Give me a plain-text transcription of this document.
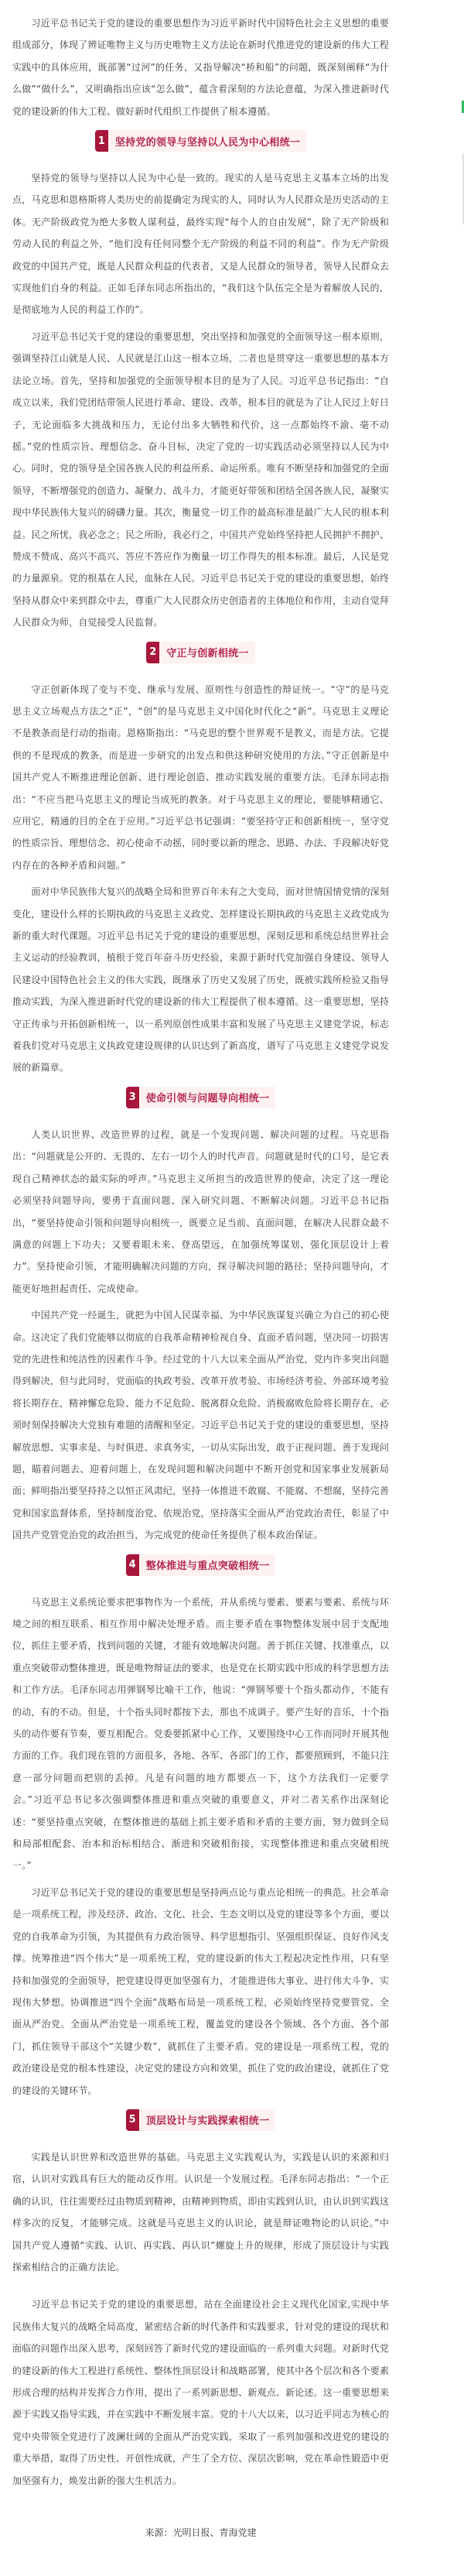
习近平总书记关于党的建设的重要思想作为习近平新时代中国特色社会主义思想的重要组成部分，体现了辨证唯物主义与历史唯物主义方法论在新时代推进党的建设新的伟大工程实践中的具体应用，既部署“过河”的任务，又指导解决“桥和船”的问题，既深刻阐释“为什么做”“做什么”，又明确指出应该“怎么做”，蕴含着深刻的方法论意蕴，为深入推进新时代党的建设新的伟大工程、做好新时代组织工作提供了根本遵循。

1 坚持党的领导与坚持以人民为中心相统一

坚持党的领导与坚持以人民为中心是一致的。现实的人是马克思主义基本立场的出发点，马克思和恩格斯将人类历史的前提确定为现实的人，同时认为人民群众是历史活动的主体。无产阶级政党为绝大多数人谋利益，最终实现“每个人的自由发展”，除了无产阶级和劳动人民的利益之外，“他们没有任何同整个无产阶级的利益不同的利益”。作为无产阶级政党的中国共产党，既是人民群众利益的代表者，又是人民群众的领导者，领导人民群众去实现他们自身的利益。正如毛泽东同志所指出的，“我们这个队伍完全是为着解放人民的，是彻底地为人民的利益工作的”。

习近平总书记关于党的建设的重要思想，突出坚持和加强党的全面领导这一根本原则，强调坚持江山就是人民、人民就是江山这一根本立场，二者也是贯穿这一重要思想的基本方法论立场。首先，坚持和加强党的全面领导根本目的是为了人民。习近平总书记指出：“自成立以来，我们党团结带领人民进行革命、建设、改革，根本目的就是为了让人民过上好日子，无论面临多大挑战和压力，无论付出多大牺牲和代价，这一点都始终不渝、毫不动摇。”党的性质宗旨、理想信念、奋斗目标，决定了党的一切实践活动必须坚持以人民为中心。同时，党的领导是全国各族人民的利益所系、命运所系。唯有不断坚持和加强党的全面领导，不断增强党的创造力、凝聚力、战斗力，才能更好带领和团结全国各族人民，凝聚实现中华民族伟大复兴的磅礴力量。其次，衡量党一切工作的最高标准是最广大人民的根本利益。民之所忧，我必念之；民之所盼，我必行之，中国共产党始终坚持把人民拥护不拥护、赞成不赞成、高兴不高兴、答应不答应作为衡量一切工作得失的根本标准。最后，人民是党的力量源泉。党的根基在人民，血脉在人民。习近平总书记关于党的建设的重要思想，始终坚持从群众中来到群众中去，尊重广大人民群众历史创造者的主体地位和作用，主动自觉拜人民群众为师，自觉接受人民监督。

2 守正与创新相统一

守正创新体现了变与不变、继承与发展、原则性与创造性的辩证统一。“守”的是马克思主义立场观点方法之“正”，“创”的是马克思主义中国化时代化之“新”。马克思主义理论不是教条而是行动的指南。恩格斯指出：“马克思的整个世界观不是教义，而是方法。它提供的不是现成的教条，而是进一步研究的出发点和供这种研究使用的方法。”守正创新是中国共产党人不断推进理论创新、进行理论创造、推动实践发展的重要方法。毛泽东同志指出：“不应当把马克思主义的理论当成死的教条。对于马克思主义的理论，要能够精通它、应用它，精通的目的全在于应用。”习近平总书记强调：“要坚持守正和创新相统一，坚守党的性质宗旨、理想信念、初心使命不动摇，同时要以新的理念、思路、办法、手段解决好党内存在的各种矛盾和问题。”

面对中华民族伟大复兴的战略全局和世界百年未有之大变局，面对世情国情党情的深刻变化，建设什么样的长期执政的马克思主义政党、怎样建设长期执政的马克思主义政党成为新的重大时代课题。习近平总书记关于党的建设的重要思想，深刻反思和系统总结世界社会主义运动的经验教训，植根于党百年奋斗历史经验，来源于新时代党加强自身建设、领导人民建设中国特色社会主义的伟大实践，既继承了历史又发展了历史，既被实践所检验又指导推动实践，为深入推进新时代党的建设新的伟大工程提供了根本遵循。这一重要思想，坚持守正传承与开拓创新相统一，以一系列原创性成果丰富和发展了马克思主义建党学说，标志着我们党对马克思主义执政党建设规律的认识达到了新高度，谱写了马克思主义建党学说发展的新篇章。

3 使命引领与问题导向相统一

人类认识世界、改造世界的过程，就是一个发现问题、解决问题的过程。马克思指出：“问题就是公开的、无畏的、左右一切个人的时代声音。问题就是时代的口号，是它表现自己精神状态的最实际的呼声。”马克思主义所担当的改造世界的使命，决定了这一理论必须坚持问题导向，要勇于直面问题、深入研究问题、不断解决问题。习近平总书记指出，“要坚持使命引领和问题导向相统一，既要立足当前、直面问题，在解决人民群众最不满意的问题上下功夫；又要着眼未来、登高望远，在加强统筹谋划、强化顶层设计上着力”。坚持使命引领，才能明确解决问题的方向，探寻解决问题的路径；坚持问题导向，才能更好地担起责任、完成使命。

中国共产党一经诞生，就把为中国人民谋幸福、为中华民族谋复兴确立为自己的初心使命。这决定了我们党能够以彻底的自我革命精神检视自身、直面矛盾问题，坚决同一切损害党的先进性和纯洁性的因素作斗争。经过党的十八大以来全面从严治党，党内许多突出问题得到解决，但与此同时，党面临的执政考验、改革开放考验、市场经济考验、外部环境考验将长期存在，精神懈怠危险、能力不足危险、脱离群众危险、消极腐败危险将长期存在，必须时刻保持解决大党独有难题的清醒和坚定。习近平总书记关于党的建设的重要思想，坚持解放思想、实事求是、与时俱进、求真务实，一切从实际出发，敢于正视问题、善于发现问题，瞄着问题去、迎着问题上，在发现问题和解决问题中不断开创党和国家事业发展新局面；鲜明指出要坚持持之以恒正风肃纪，坚持一体推进不敢腐、不能腐、不想腐，坚持完善党和国家监督体系，坚持制度治党、依规治党，坚持落实全面从严治党政治责任，彰显了中国共产党管党治党的政治担当，为完成党的使命任务提供了根本政治保证。

4 整体推进与重点突破相统一

马克思主义系统论要求把事物作为一个系统，并从系统与要素、要素与要素、系统与环境之间的相互联系、相互作用中解决处理矛盾。而主要矛盾在事物整体发展中居于支配地位，抓住主要矛盾，找到问题的关键，才能有效地解决问题。善于抓住关键、找准重点，以重点突破带动整体推进，既是唯物辩证法的要求，也是党在长期实践中形成的科学思想方法和工作方法。毛泽东同志用弹钢琴比喻干工作，他说：“弹钢琴要十个指头都动作，不能有的动，有的不动。但是，十个指头同时都按下去，那也不成调子。要产生好的音乐，十个指头的动作要有节奏，要互相配合。党委要抓紧中心工作，又要围绕中心工作而同时开展其他方面的工作。我们现在管的方面很多，各地、各军、各部门的工作，都要照顾到，不能只注意一部分问题而把别的丢掉。凡是有问题的地方都要点一下，这个方法我们一定要学会。”习近平总书记多次强调整体推进和重点突破的重要意义，并对二者关系作出深刻论述：“要坚持重点突破，在整体推进的基础上抓主要矛盾和矛盾的主要方面，努力做到全局和局部相配套、治本和治标相结合、渐进和突破相衔接，实现整体推进和重点突破相统一。”

习近平总书记关于党的建设的重要思想是坚持两点论与重点论相统一的典范。社会革命是一项系统工程，涉及经济、政治、文化、社会、生态文明以及党的建设等多个方面，要以党的自我革命为引领，为其提供有力政治领导、科学思想指引、坚强组织保证、良好作风支撑。统筹推进“四个伟大”是一项系统工程，党的建设新的伟大工程起决定性作用，只有坚持和加强党的全面领导，把党建设得更加坚强有力，才能推进伟大事业、进行伟大斗争、实现伟大梦想。协调推进“四个全面”战略布局是一项系统工程，必须始终坚持党要管党、全面从严治党。全面从严治党是一项系统工程，覆盖党的建设各个领域、各个方面、各个部门，抓住领导干部这个“关键少数”，就抓住了主要矛盾。党的建设是一项系统工程，党的政治建设是党的根本性建设，决定党的建设方向和效果，抓住了党的政治建设，就抓住了党的建设的关键环节。

5 顶层设计与实践探索相统一

实践是认识世界和改造世界的基础。马克思主义实践观认为，实践是认识的来源和归宿，认识对实践具有巨大的能动反作用。认识是一个发展过程。毛泽东同志指出：“一个正确的认识，往往需要经过由物质到精神，由精神到物质，即由实践到认识，由认识到实践这样多次的反复，才能够完成。这就是马克思主义的认识论，就是辩证唯物论的认识论。”中国共产党人遵循“实践、认识、再实践、再认识”螺旋上升的规律，形成了顶层设计与实践探索相结合的正确方法论。

习近平总书记关于党的建设的重要思想，站在全面建设社会主义现代化国家,实现中华民族伟大复兴的战略全局高度，紧密结合新的时代条件和实践要求，针对党的建设的现状和面临的问题作出深入思考，深刻回答了新时代党的建设面临的一系列重大问题。对新时代党的建设新的伟大工程进行系统性、整体性顶层设计和战略部署，使其中各个层次和各个要素形成合理的结构并发挥合力作用，提出了一系列新思想、新观点、新论述。这一重要思想来源于实践又指导实践，并在实践中不断发展丰富。党的十八大以来，以习近平同志为核心的党中央带领全党进行了波澜壮阔的全面从严治党实践，采取了一系列加强和改进党的建设的重大举措，取得了历史性、开创性成就，产生了全方位、深层次影响，党在革命性锻造中更加坚强有力，焕发出新的强大生机活力。

来源：光明日报、青海党建
